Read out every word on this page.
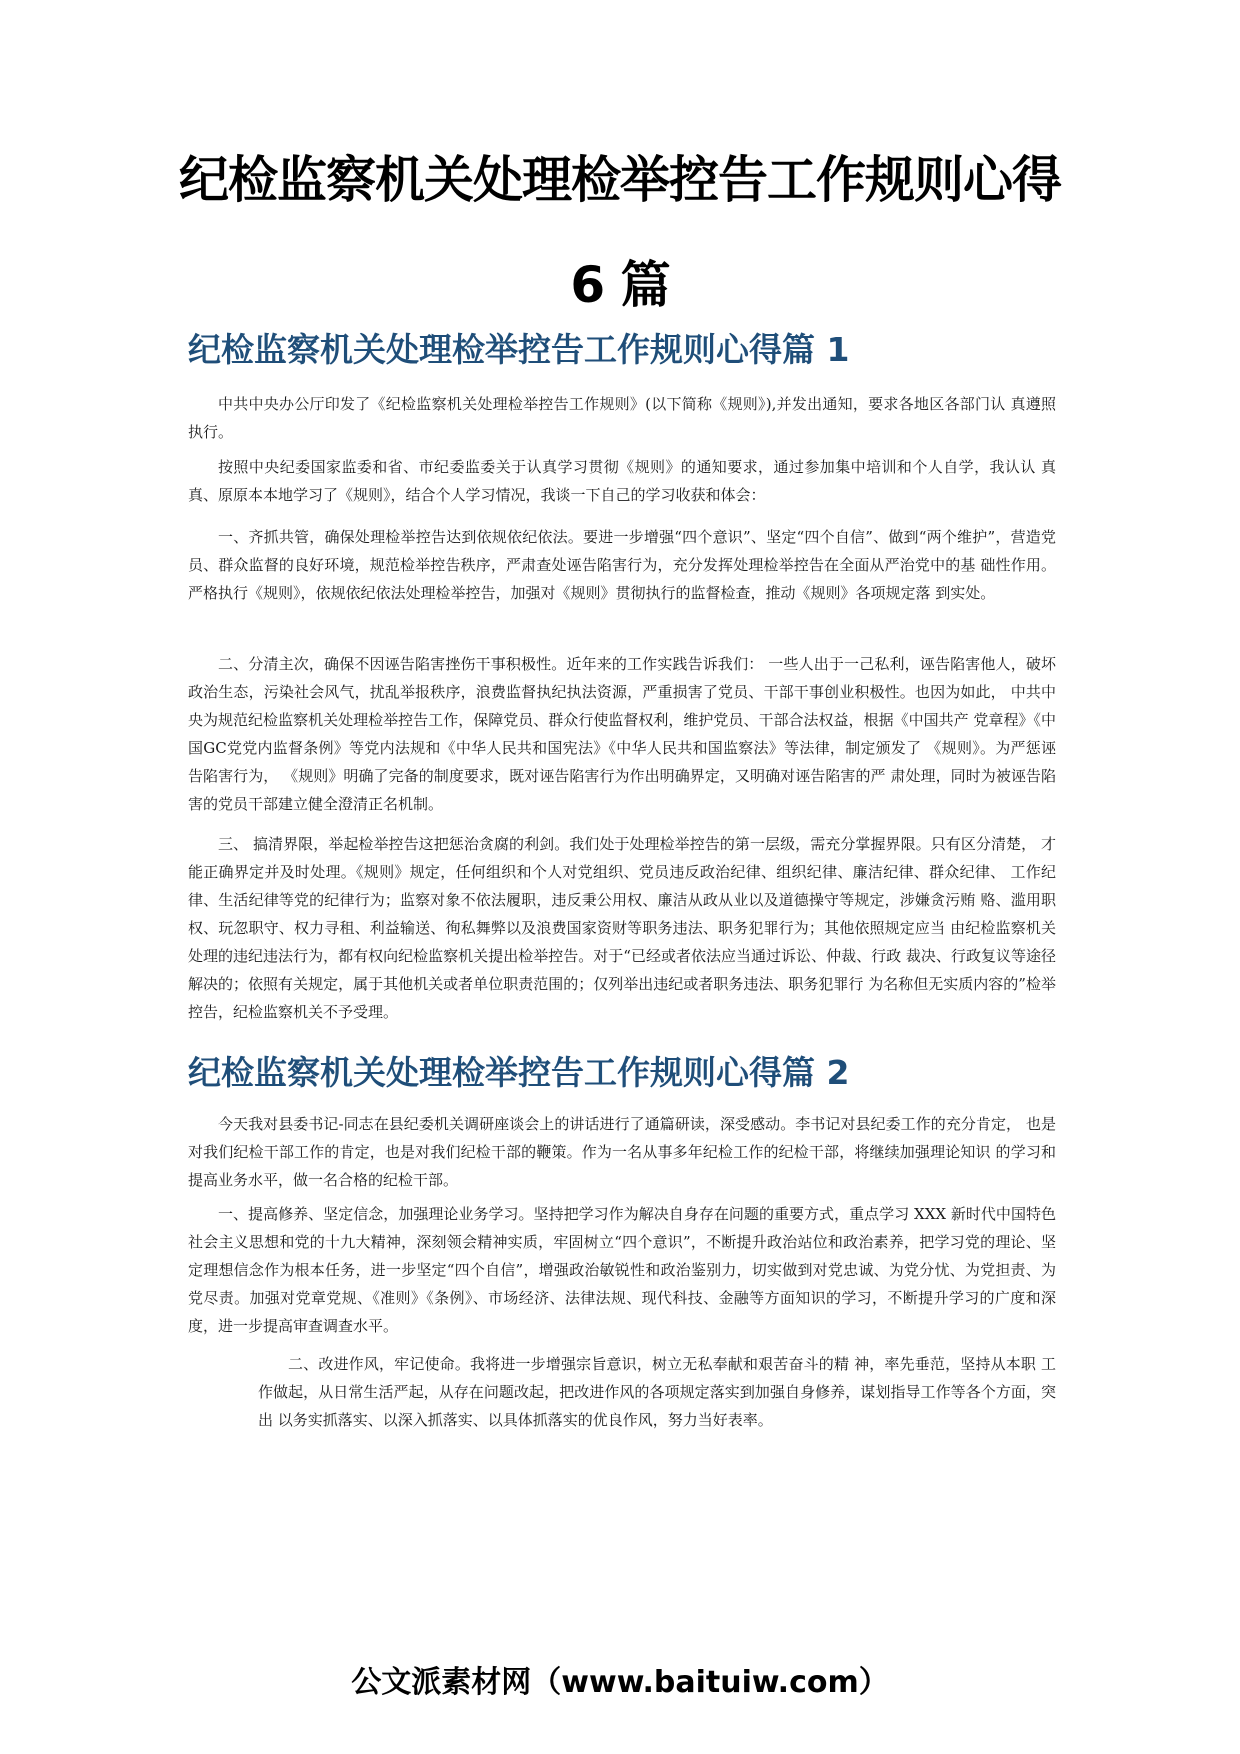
纪检监察机关处理检举控告工作规则心得
6 篇
纪检监察机关处理检举控告工作规则心得篇 1

中共中央办公厅印发了《纪检监察机关处理检举控告工作规则》(以下简称《规则》),并发出通知，要求各地区各部门认 真遵照执行。

按照中央纪委国家监委和省、市纪委监委关于认真学习贯彻《规则》的通知要求，通过参加集中培训和个人自学，我认认 真真、原原本本地学习了《规则》，结合个人学习情况，我谈一下自己的学习收获和体会：

一、齐抓共管，确保处理检举控告达到依规依纪依法。要进一步增强“四个意识”、坚定“四个自信”、做到“两个维护”，营造党员、群众监督的良好环境，规范检举控告秩序，严肃查处诬告陷害行为，充分发挥处理检举控告在全面从严治党中的基 础性作用。严格执行《规则》，依规依纪依法处理检举控告，加强对《规则》贯彻执行的监督检查，推动《规则》各项规定落 到实处。

二、分清主次，确保不因诬告陷害挫伤干事积极性。近年来的工作实践告诉我们： 一些人出于一己私利，诬告陷害他人，破坏政治生态，污染社会风气，扰乱举报秩序，浪费监督执纪执法资源，严重损害了党员、干部干事创业积极性。也因为如此， 中共中央为规范纪检监察机关处理检举控告工作，保障党员、群众行使监督权利，维护党员、干部合法权益，根据《中国共产 党章程》《中国GC党党内监督条例》等党内法规和《中华人民共和国宪法》《中华人民共和国监察法》等法律，制定颁发了 《规则》。为严惩诬告陷害行为， 《规则》明确了完备的制度要求，既对诬告陷害行为作出明确界定，又明确对诬告陷害的严 肃处理，同时为被诬告陷害的党员干部建立健全澄清正名机制。

三、 搞清界限，举起检举控告这把惩治贪腐的利剑。我们处于处理检举控告的第一层级，需充分掌握界限。只有区分清楚， 才能正确界定并及时处理。《规则》规定，任何组织和个人对党组织、党员违反政治纪律、组织纪律、廉洁纪律、群众纪律、 工作纪律、生活纪律等党的纪律行为；监察对象不依法履职，违反秉公用权、廉洁从政从业以及道德操守等规定，涉嫌贪污贿 赂、滥用职权、玩忽职守、权力寻租、利益输送、徇私舞弊以及浪费国家资财等职务违法、职务犯罪行为；其他依照规定应当 由纪检监察机关处理的违纪违法行为，都有权向纪检监察机关提出检举控告。对于“已经或者依法应当通过诉讼、仲裁、行政 裁决、行政复议等途径解决的；依照有关规定，属于其他机关或者单位职责范围的；仅列举出违纪或者职务违法、职务犯罪行 为名称但无实质内容的”检举控告，纪检监察机关不予受理。

纪检监察机关处理检举控告工作规则心得篇 2

今天我对县委书记-同志在县纪委机关调研座谈会上的讲话进行了通篇研读，深受感动。李书记对县纪委工作的充分肯定， 也是对我们纪检干部工作的肯定，也是对我们纪检干部的鞭策。作为一名从事多年纪检工作的纪检干部，将继续加强理论知识 的学习和提高业务水平，做一名合格的纪检干部。

一、提高修养、坚定信念，加强理论业务学习。坚持把学习作为解决自身存在问题的重要方式，重点学习 XXX 新时代中国特色社会主义思想和党的十九大精神，深刻领会精神实质，牢固树立“四个意识”，不断提升政治站位和政治素养，把学习党的理论、坚定理想信念作为根本任务，进一步坚定“四个自信”，增强政治敏锐性和政治鉴别力，切实做到对党忠诚、为党分忧、为党担责、为党尽责。加强对党章党规、《准则》《条例》、市场经济、法律法规、现代科技、金融等方面知识的学习，不断提升学习的广度和深度，进一步提高审查调查水平。

二、改进作风，牢记使命。我将进一步增强宗旨意识，树立无私奉献和艰苦奋斗的精 神，率先垂范，坚持从本职 工作做起，从日常生活严起，从存在问题改起，把改进作风的各项规定落实到加强自身修养，谋划指导工作等各个方面，突出 以务实抓落实、以深入抓落实、以具体抓落实的优良作风，努力当好表率。

公文派素材网（www.baituiw.com）
